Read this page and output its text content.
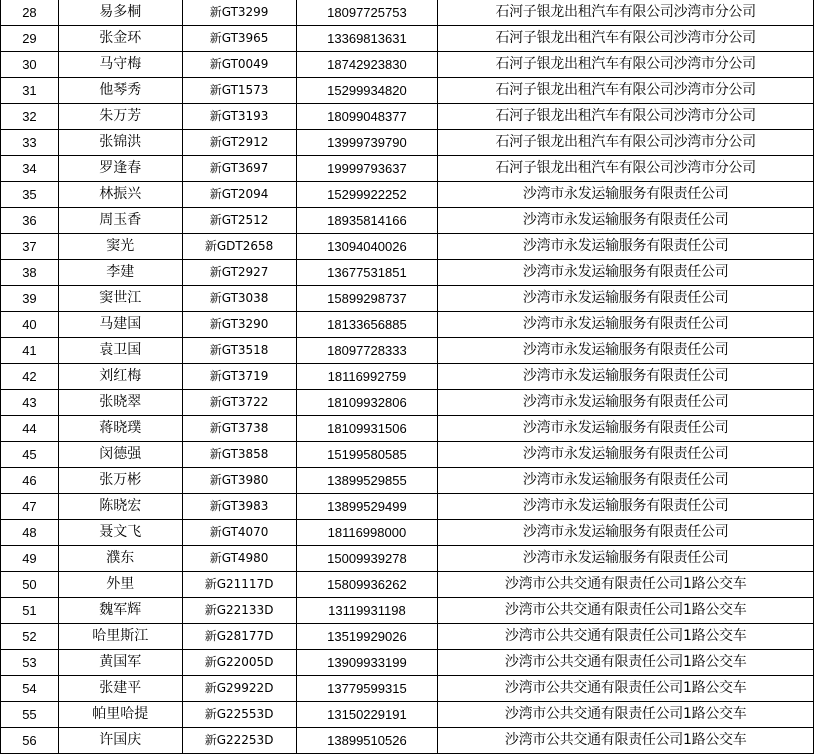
28	易多桐	新GT3299	18097725753	石河子银龙出租汽车有限公司沙湾市分公司
29	张金环	新GT3965	13369813631	石河子银龙出租汽车有限公司沙湾市分公司
30	马守梅	新GT0049	18742923830	石河子银龙出租汽车有限公司沙湾市分公司
31	他琴秀	新GT1573	15299934820	石河子银龙出租汽车有限公司沙湾市分公司
32	朱万芳	新GT3193	18099048377	石河子银龙出租汽车有限公司沙湾市分公司
33	张锦洪	新GT2912	13999739790	石河子银龙出租汽车有限公司沙湾市分公司
34	罗逢春	新GT3697	19999793637	石河子银龙出租汽车有限公司沙湾市分公司
35	林振兴	新GT2094	15299922252	沙湾市永发运输服务有限责任公司
36	周玉香	新GT2512	18935814166	沙湾市永发运输服务有限责任公司
37	窦光	新GDT2658	13094040026	沙湾市永发运输服务有限责任公司
38	李建	新GT2927	13677531851	沙湾市永发运输服务有限责任公司
39	窦世江	新GT3038	15899298737	沙湾市永发运输服务有限责任公司
40	马建国	新GT3290	18133656885	沙湾市永发运输服务有限责任公司
41	袁卫国	新GT3518	18097728333	沙湾市永发运输服务有限责任公司
42	刘红梅	新GT3719	18116992759	沙湾市永发运输服务有限责任公司
43	张晓翠	新GT3722	18109932806	沙湾市永发运输服务有限责任公司
44	蒋晓璞	新GT3738	18109931506	沙湾市永发运输服务有限责任公司
45	闵德强	新GT3858	15199580585	沙湾市永发运输服务有限责任公司
46	张万彬	新GT3980	13899529855	沙湾市永发运输服务有限责任公司
47	陈晓宏	新GT3983	13899529499	沙湾市永发运输服务有限责任公司
48	聂文飞	新GT4070	18116998000	沙湾市永发运输服务有限责任公司
49	濮东	新GT4980	15009939278	沙湾市永发运输服务有限责任公司
50	外里	新G21117D	15809936262	沙湾市公共交通有限责任公司1路公交车
51	魏军辉	新G22133D	13119931198	沙湾市公共交通有限责任公司1路公交车
52	哈里斯江	新G28177D	13519929026	沙湾市公共交通有限责任公司1路公交车
53	黄国军	新G22005D	13909933199	沙湾市公共交通有限责任公司1路公交车
54	张建平	新G29922D	13779599315	沙湾市公共交通有限责任公司1路公交车
55	帕里哈提	新G22553D	13150229191	沙湾市公共交通有限责任公司1路公交车
56	许国庆	新G22253D	13899510526	沙湾市公共交通有限责任公司1路公交车
